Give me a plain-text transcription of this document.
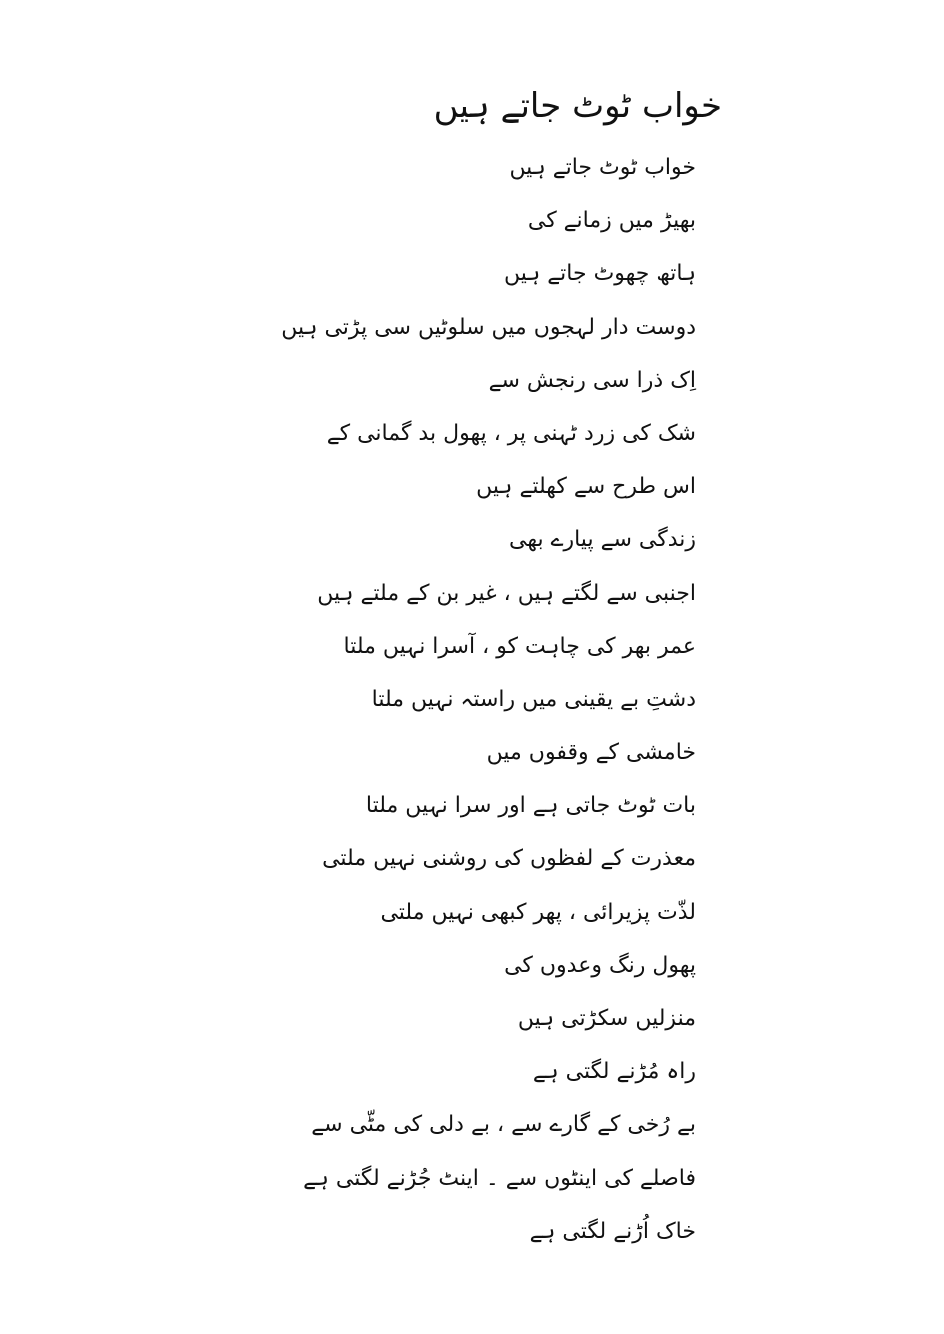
خواب ٹوٹ جاتے ہیں
خواب ٹوٹ جاتے ہیں
بھیڑ میں زمانے کی
ہاتھ چھوٹ جاتے ہیں
دوست دار لہجوں میں سلوٹیں سی پڑتی ہیں
اِک ذرا سی رنجش سے
شک کی زرد ٹہنی پر ، پھول بد گمانی کے
اس طرح سے کھلتے ہیں
زندگی سے پیارے بھی
اجنبی سے لگتے ہیں ، غیر بن کے ملتے ہیں
عمر بھر کی چاہت کو ، آسرا نہیں ملتا
دشتِ بے یقینی میں راستہ نہیں ملتا
خامشی کے وقفوں میں
بات ٹوٹ جاتی ہے اور سرا نہیں ملتا
معذرت کے لفظوں کی روشنی نہیں ملتی
لذّت پزیرائی ، پھر کبھی نہیں ملتی
پھول رنگ وعدوں کی
منزلیں سکڑتی ہیں
راہ مُڑنے لگتی ہے
بے رُخی کے گارے سے ، بے دلی کی مٹّی سے
فاصلے کی اینٹوں سے ۔ اینٹ جُڑنے لگتی ہے
خاک اُڑنے لگتی ہے
